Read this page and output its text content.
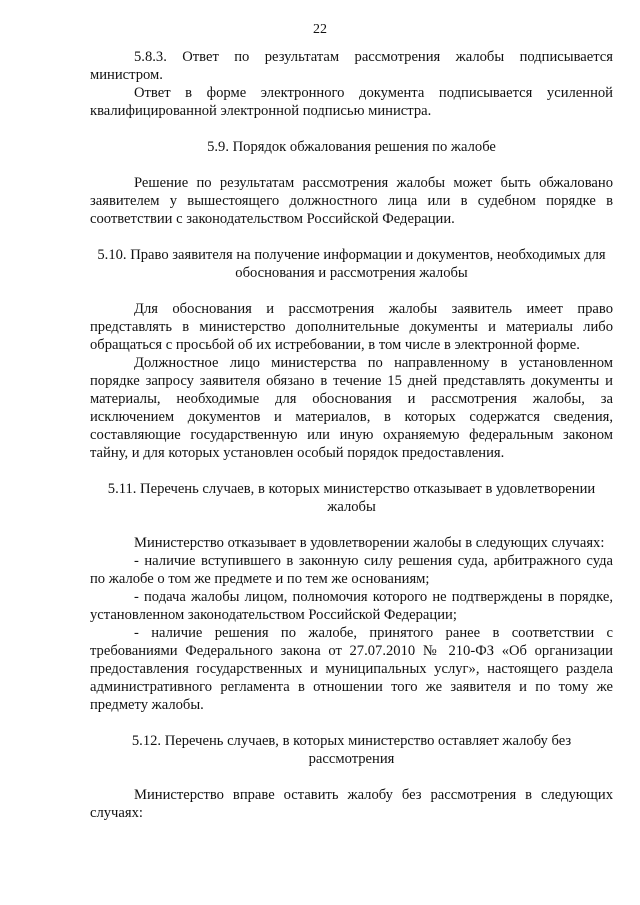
22

5.8.3. Ответ по результатам рассмотрения жалобы подписывается министром.

Ответ в форме электронного документа подписывается усиленной квалифицированной электронной подписью министра.

5.9. Порядок обжалования решения по жалобе

Решение по результатам рассмотрения жалобы может быть обжаловано заявителем у вышестоящего должностного лица или в судебном порядке в соответствии с законодательством Российской Федерации.

5.10. Право заявителя на получение информации и документов, необходимых для обоснования и рассмотрения жалобы

Для обоснования и рассмотрения жалобы заявитель имеет право представлять в министерство дополнительные документы и материалы либо обращаться с просьбой об их истребовании, в том числе в электронной форме.

Должностное лицо министерства по направленному в установленном порядке запросу заявителя обязано в течение 15 дней представлять документы и материалы, необходимые для обоснования и рассмотрения жалобы, за исключением документов и материалов, в которых содержатся сведения, составляющие государственную или иную охраняемую федеральным законом тайну, и для которых установлен особый порядок предоставления.

5.11. Перечень случаев, в которых министерство отказывает в удовлетворении жалобы

Министерство отказывает в удовлетворении жалобы в следующих случаях:

- наличие вступившего в законную силу решения суда, арбитражного суда по жалобе о том же предмете и по тем же основаниям;

- подача жалобы лицом, полномочия которого не подтверждены в порядке, установленном законодательством Российской Федерации;

- наличие решения по жалобе, принятого ранее в соответствии с требованиями Федерального закона от 27.07.2010 № 210-ФЗ «Об организации предоставления государственных и муниципальных услуг», настоящего раздела административного регламента в отношении того же заявителя и по тому же предмету жалобы.

5.12. Перечень случаев, в которых министерство оставляет жалобу без рассмотрения

Министерство вправе оставить жалобу без рассмотрения в следующих случаях:
